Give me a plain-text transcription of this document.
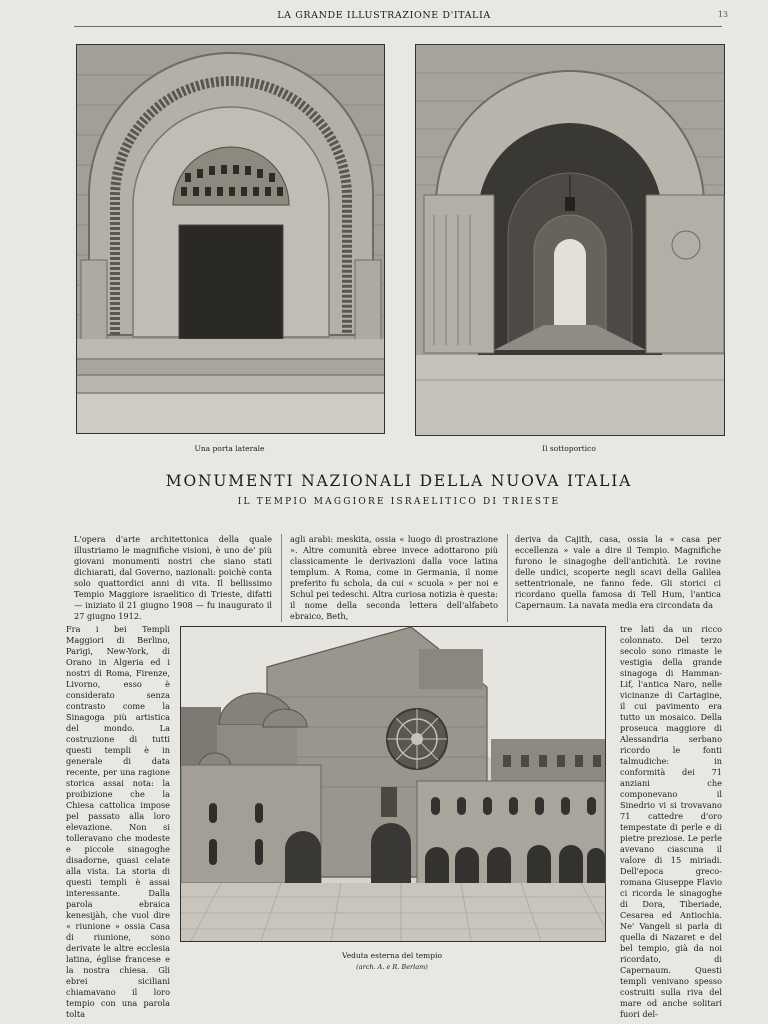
LA GRANDE ILLUSTRAZIONE D'ITALIA	13
Una porta laterale	Il sottoportico
MONUMENTI NAZIONALI DELLA NUOVA ITALIA
IL TEMPIO MAGGIORE ISRAELITICO DI TRIESTE
L'opera d'arte architettonica della quale illustriamo le magnifiche visioni, è uno de' più giovani monumenti nostri che siano stati dichiarati, dal Governo, nazionali: poichè conta solo quattordici anni di vita. Il bellissimo Tempio Maggiore israelitico di Trieste, difatti — iniziato il 21 giugno 1908 — fu inaugurato il 27 giugno 1912.
agli arabi: meskita, ossia « luogo di prostrazione ». Altre comunità ebree invece adottarono più classicamente le derivazioni dalla voce latina templum. A Roma, come in Germania, il nome preferito fu schola, da cui « scuola » per noi e Schul pei tedeschi. Altra curiosa notizia è questa: il nome della seconda lettera dell'alfabeto ebraico, Beth,
deriva da Cajith, casa, ossia la « casa per eccellenza » vale a dire il Tempio. Magnifiche furono le sinagoghe dell'antichità. Le rovine delle undici, scoperte negli scavi della Galilea settentrionale, ne fanno fede. Gli storici ci ricordano quella famosa di Tell Hum, l'antica Capernaum. La navata media era circondata da
Fra i bei Templi Maggiori di Berlino, Parigi, New-York, di Orano in Algeria ed i nostri di Roma, Firenze, Livorno, esso è considerato senza contrasto come la Sinagoga più artistica del mondo. La costruzione di tutti questi templi è in generale di data recente, per una ragione storica assai nota: la proibizione che la Chiesa cattolica impose pel passato alla loro elevazione. Non si tolleravano che modeste e piccole sinagoghe disadorne, quasi celate alla vista. La storia di questi templi è assai interessante. Dalla parola ebraica kenesijàh, che vuol dire « riunione » ossia Casa di riunione, sono derivate le altre ecclesia latina, église francese e la nostra chiesa. Gli ebrei siciliani chiamavano il loro tempio con una parola tolta
tre lati da un ricco colonnato. Del terzo secolo sono rimaste le vestigia della grande sinagoga di Hamman-Lif, l'antica Naro, nelle vicinanze di Cartagine, il cui pavimento era tutto un mosaico. Della proseuca maggiore di Alessandria serbano ricordo le fonti talmudiche: in conformità dei 71 anziani che componevano il Sinedrio vi si trovavano 71 cattedre d'oro tempestate di perle e di pietre preziose. Le perle avevano ciascuna il valore di 15 miriadi. Dell'epoca greco-romana Giuseppe Flavio ci ricorda le sinagoghe di Dora, Tiberiade, Cesarea ed Antiochia. Ne' Vangeli si parla di quella di Nazaret e del bel tempio, già da noi ricordato, di Capernaum. Questi templi venivano spesso costruiti sulla riva del mare od anche solitari fuori del-
Veduta esterna del tempio
(arch. A. e R. Berlam)
